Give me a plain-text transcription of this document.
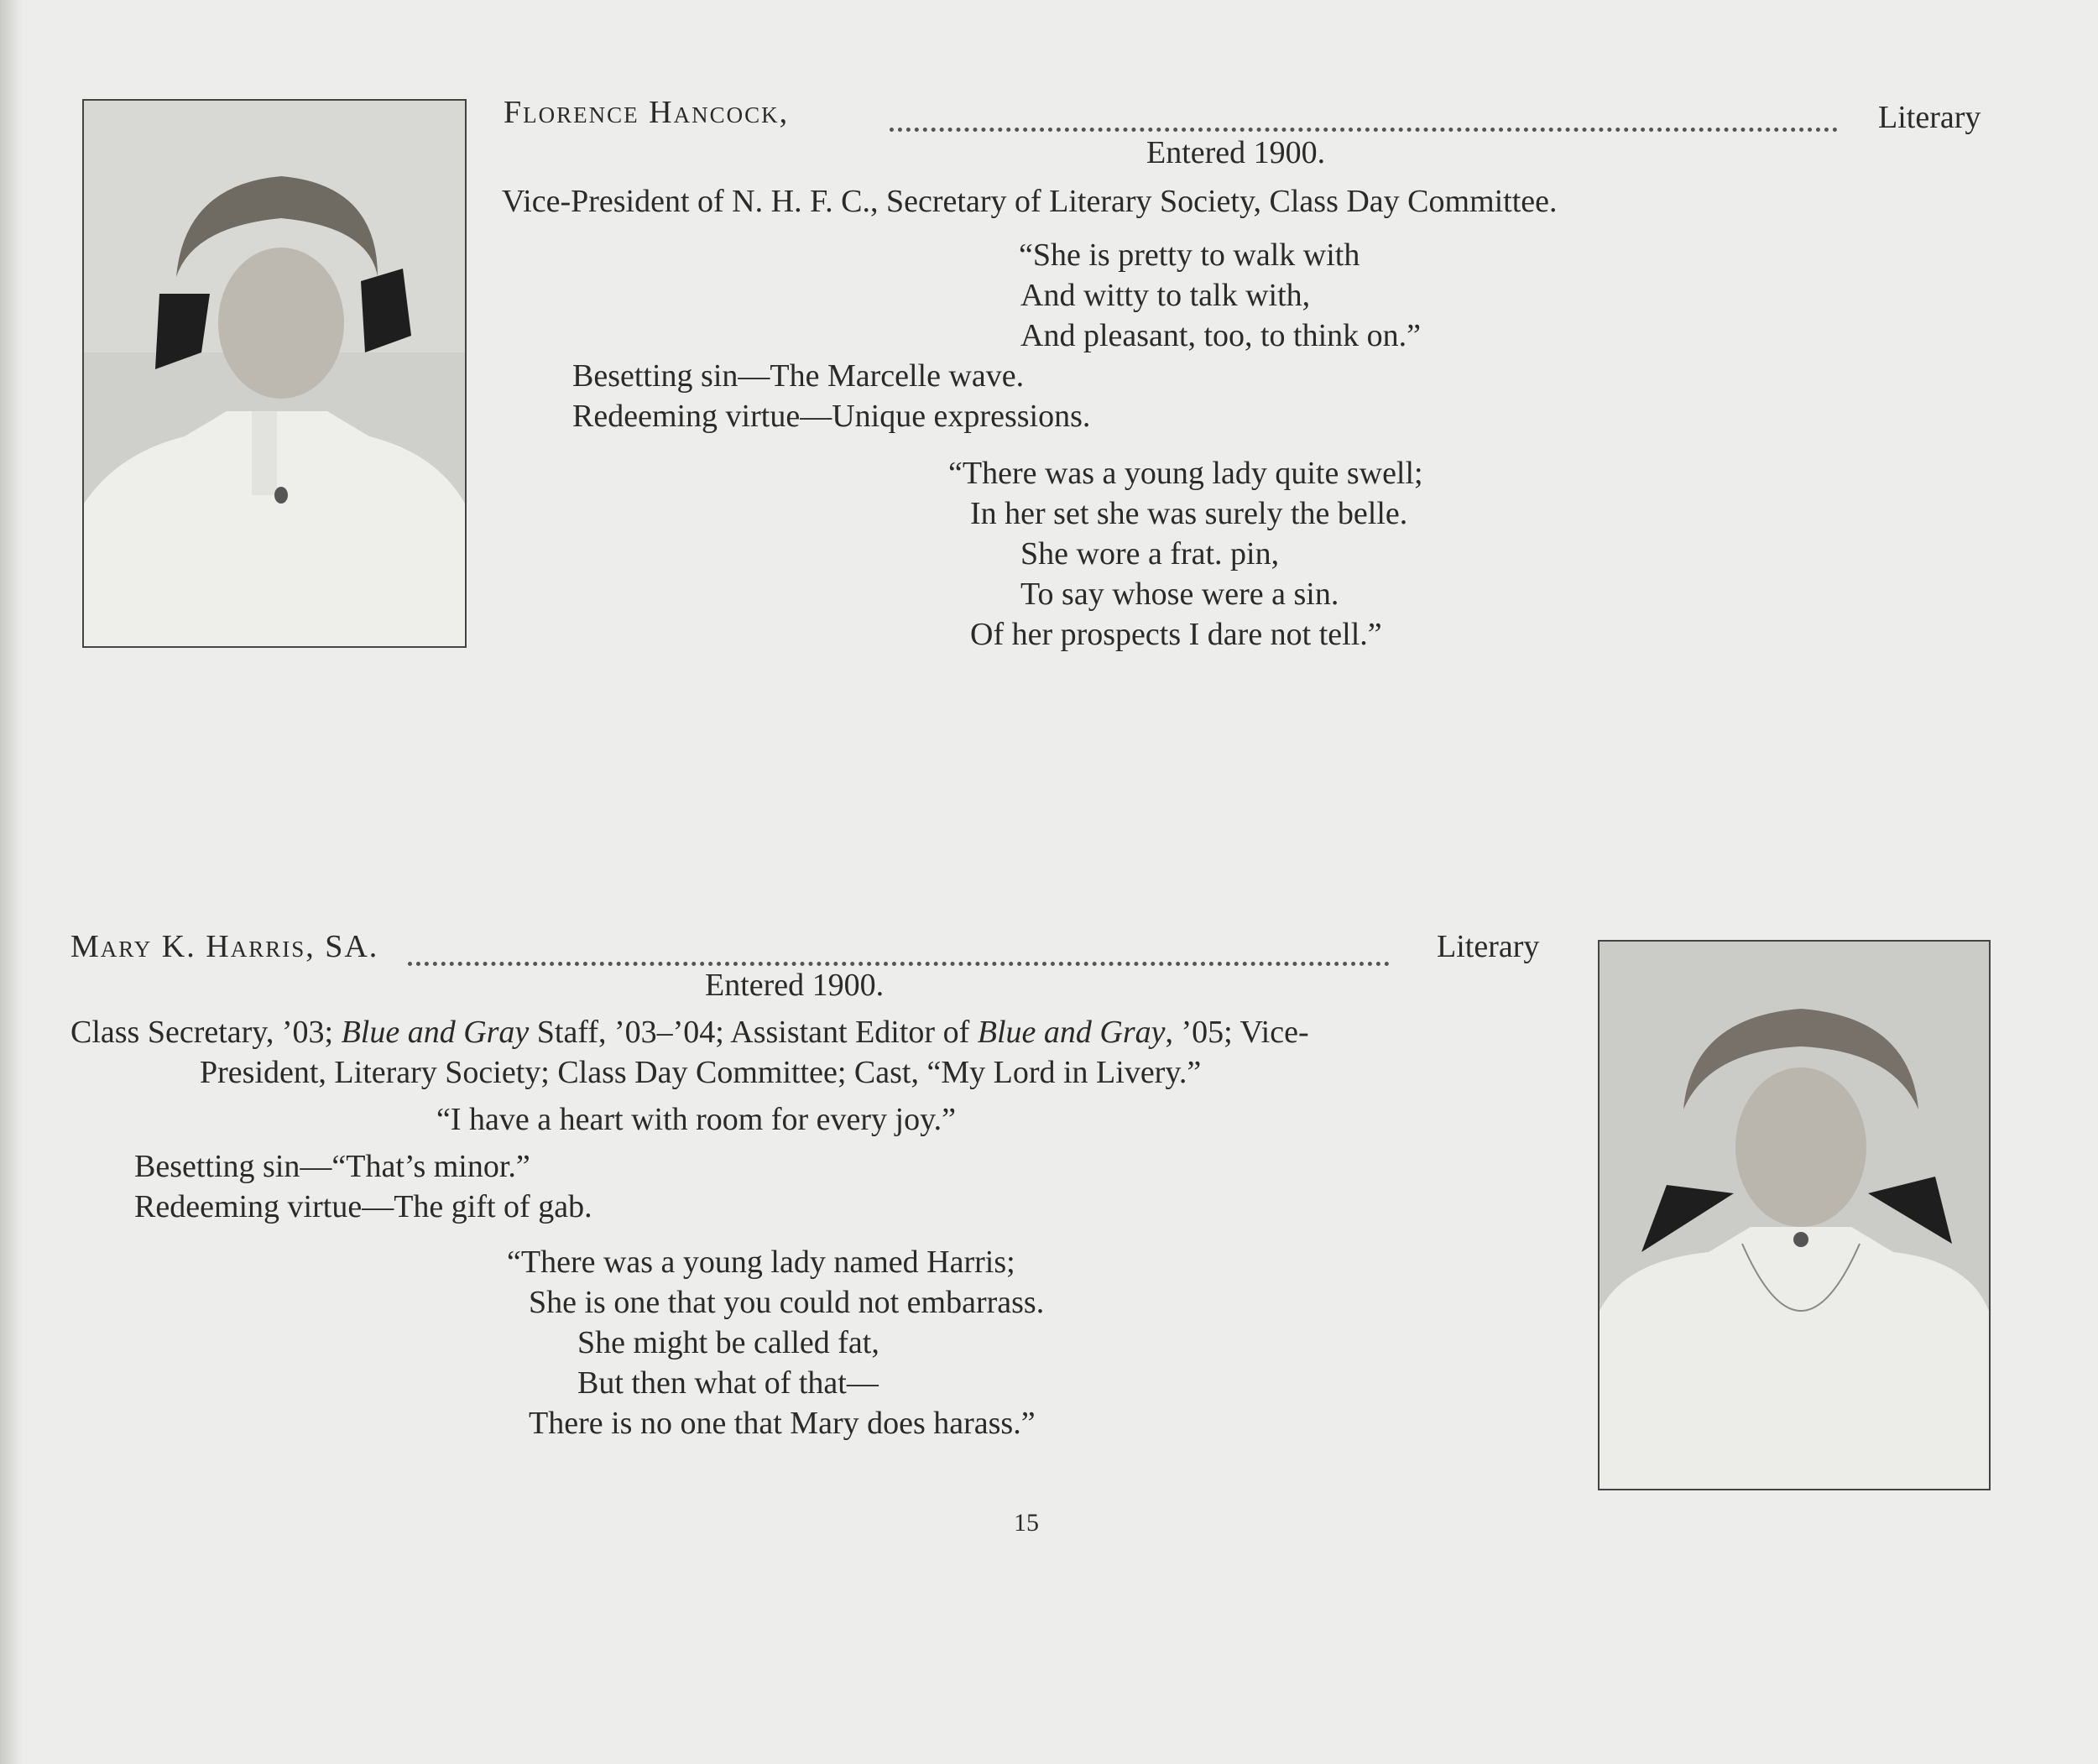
Florence Hancock,	Literary
Entered 1900.
Vice-President of N. H. F. C., Secretary of Literary Society, Class Day Committee.
“She is pretty to walk with
And witty to talk with,
And pleasant, too, to think on.”
Besetting sin—The Marcelle wave.
Redeeming virtue—Unique expressions.
“There was a young lady quite swell;
In her set she was surely the belle.
She wore a frat. pin,
To say whose were a sin.
Of her prospects I dare not tell.”
Mary K. Harris, SA.	Literary
Entered 1900.
Class Secretary, ’03; Blue and Gray Staff, ’03–’04; Assistant Editor of Blue and Gray, ’05; Vice-
President, Literary Society; Class Day Committee; Cast, “My Lord in Livery.”
“I have a heart with room for every joy.”
Besetting sin—“That’s minor.”
Redeeming virtue—The gift of gab.
“There was a young lady named Harris;
She is one that you could not embarrass.
She might be called fat,
But then what of that—
There is no one that Mary does harass.”
15
